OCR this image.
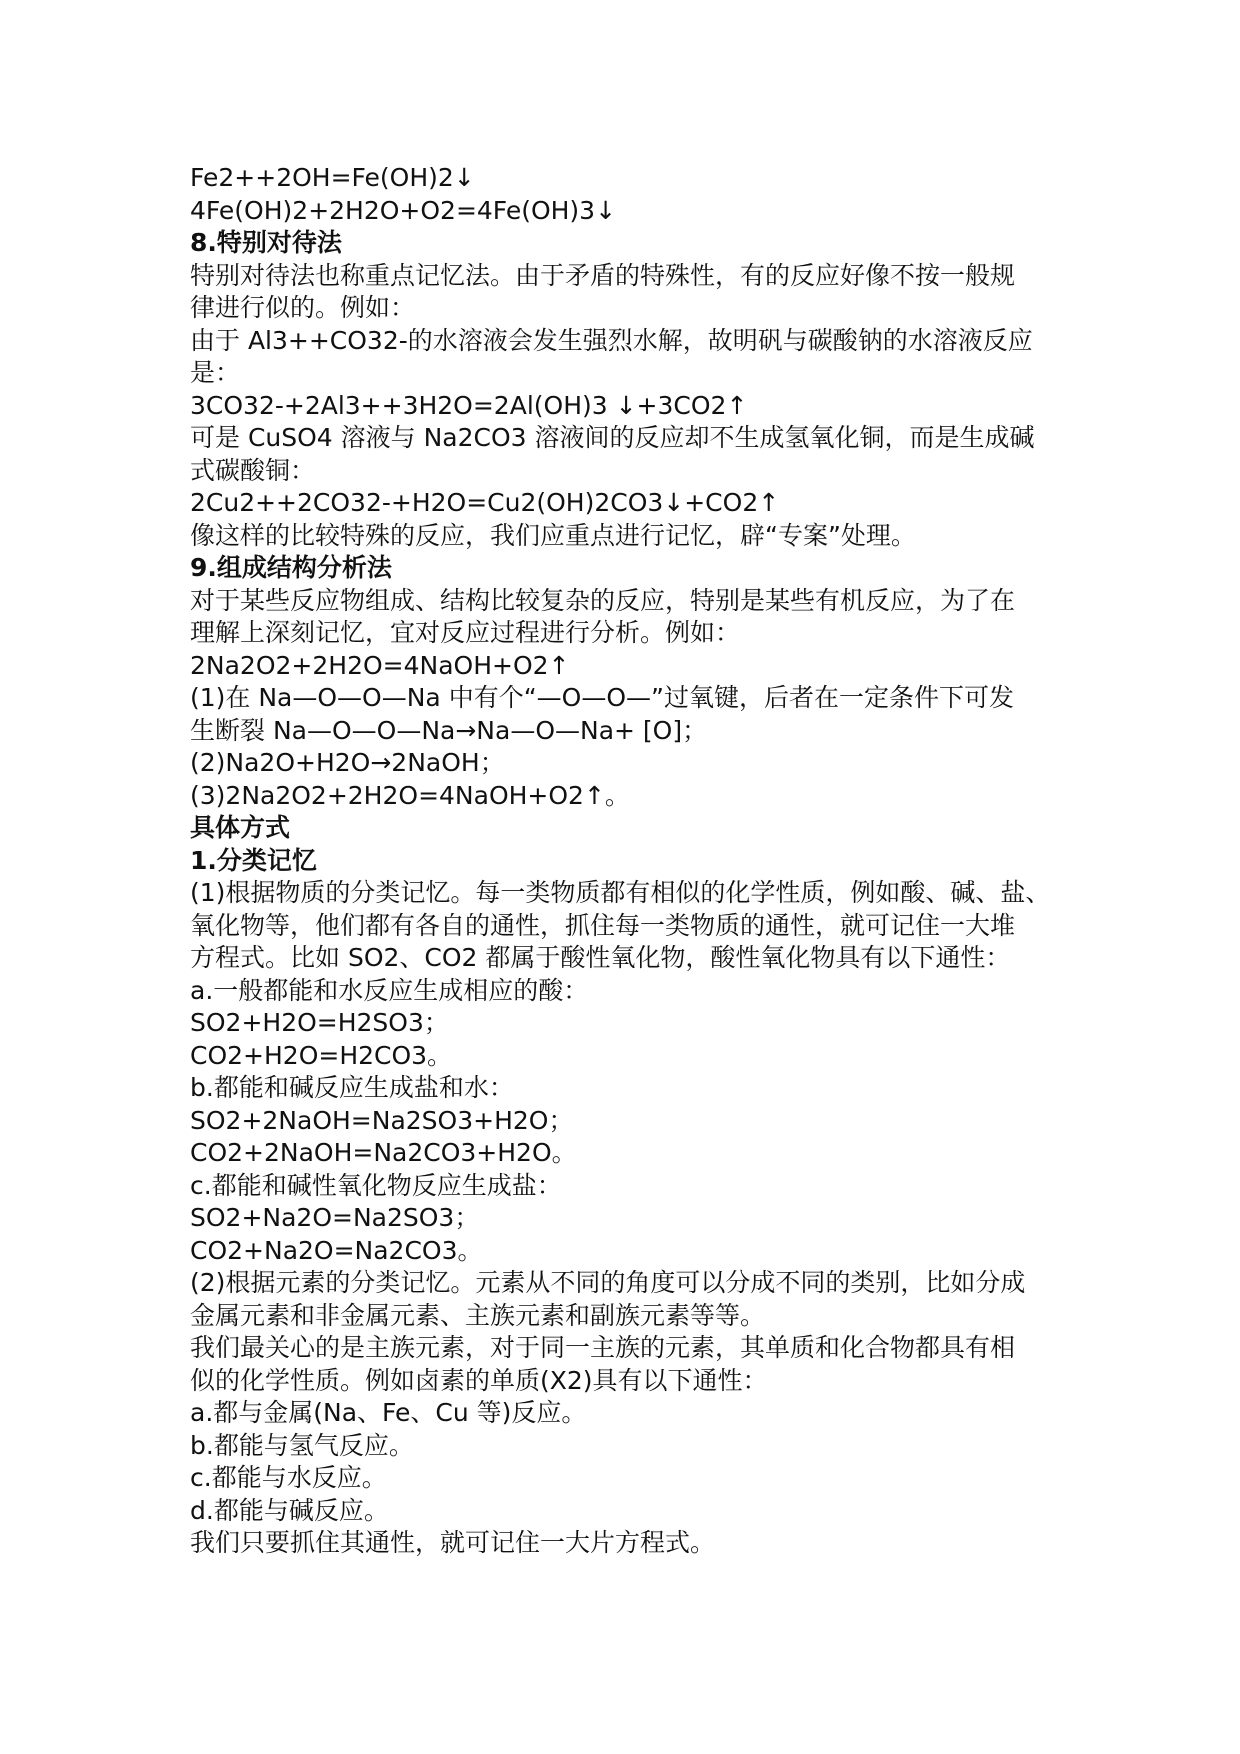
Fe2++2OH=Fe(OH)2↓
4Fe(OH)2+2H2O+O2=4Fe(OH)3↓
8.特别对待法
特别对待法也称重点记忆法。由于矛盾的特殊性，有的反应好像不按一般规
律进行似的。例如：
由于 Al3++CO32-的水溶液会发生强烈水解，故明矾与碳酸钠的水溶液反应
是：
3CO32-+2Al3++3H2O=2Al(OH)3 ↓+3CO2↑
可是 CuSO4 溶液与 Na2CO3 溶液间的反应却不生成氢氧化铜，而是生成碱
式碳酸铜：
2Cu2++2CO32-+H2O=Cu2(OH)2CO3↓+CO2↑
像这样的比较特殊的反应，我们应重点进行记忆，辟“专案”处理。
9.组成结构分析法
对于某些反应物组成、结构比较复杂的反应，特别是某些有机反应，为了在
理解上深刻记忆，宜对反应过程进行分析。例如：
2Na2O2+2H2O=4NaOH+O2↑
(1)在 Na—O—O—Na 中有个“—O—O—”过氧键，后者在一定条件下可发
生断裂 Na—O—O—Na→Na—O—Na+ [O]；
(2)Na2O+H2O→2NaOH；
(3)2Na2O2+2H2O=4NaOH+O2↑。
具体方式
1.分类记忆
(1)根据物质的分类记忆。每一类物质都有相似的化学性质，例如酸、碱、盐、
氧化物等，他们都有各自的通性，抓住每一类物质的通性，就可记住一大堆
方程式。比如 SO2、CO2 都属于酸性氧化物，酸性氧化物具有以下通性：
a.一般都能和水反应生成相应的酸：
SO2+H2O=H2SO3；
CO2+H2O=H2CO3。
b.都能和碱反应生成盐和水：
SO2+2NaOH=Na2SO3+H2O；
CO2+2NaOH=Na2CO3+H2O。
c.都能和碱性氧化物反应生成盐：
SO2+Na2O=Na2SO3；
CO2+Na2O=Na2CO3。
(2)根据元素的分类记忆。元素从不同的角度可以分成不同的类别，比如分成
金属元素和非金属元素、主族元素和副族元素等等。
我们最关心的是主族元素，对于同一主族的元素，其单质和化合物都具有相
似的化学性质。例如卤素的单质(X2)具有以下通性：
a.都与金属(Na、Fe、Cu 等)反应。
b.都能与氢气反应。
c.都能与水反应。
d.都能与碱反应。
我们只要抓住其通性，就可记住一大片方程式。
